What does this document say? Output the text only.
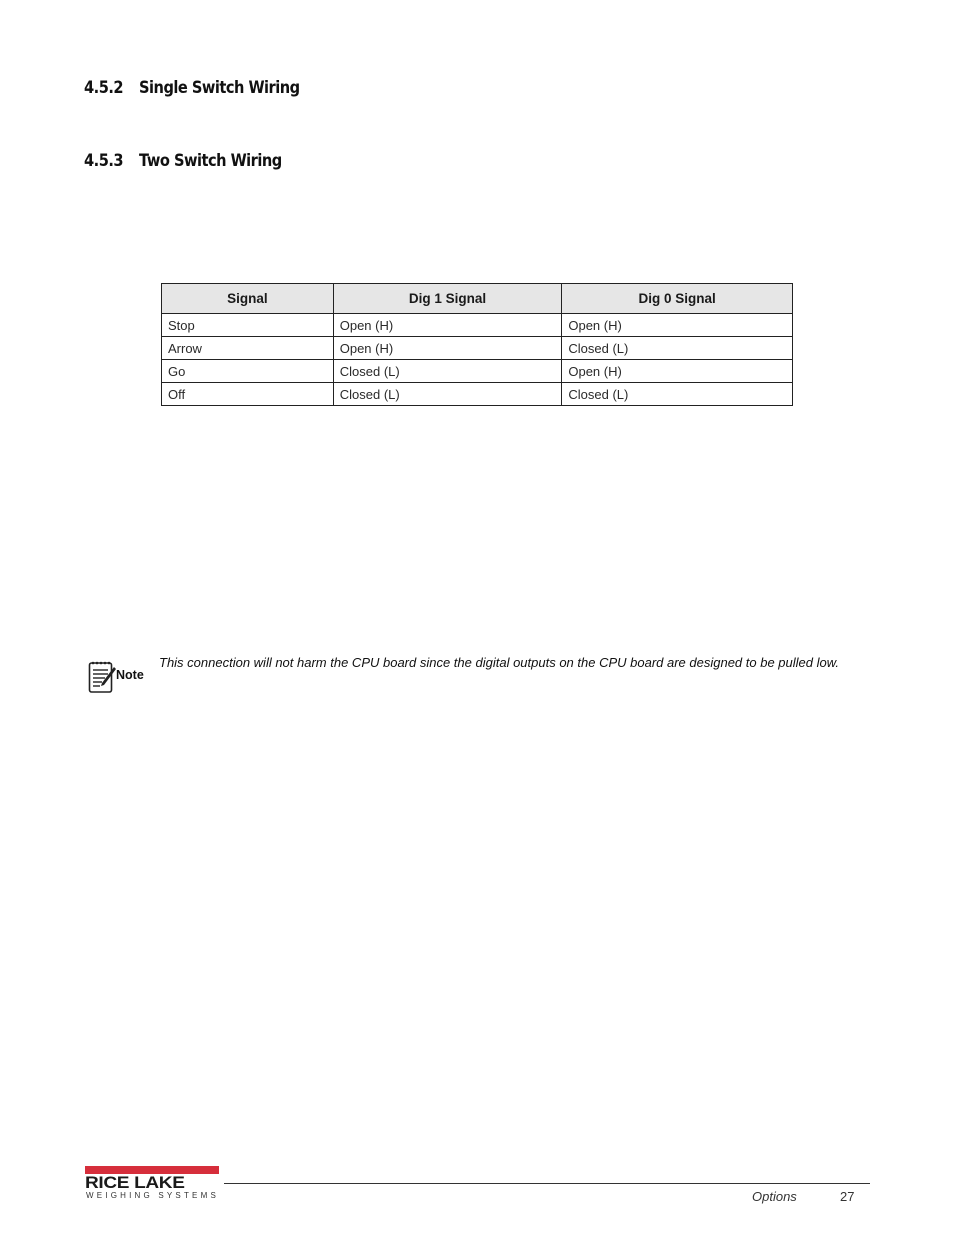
4.5.2 Single Switch Wiring
4.5.3 Two Switch Wiring
Signal	Dig 1 Signal	Dig 0 Signal
Stop	Open (H)	Open (H)
Arrow	Open (H)	Closed (L)
Go	Closed (L)	Open (H)
Off	Closed (L)	Closed (L)
Note

This connection will not harm the CPU board since the digital outputs on the CPU board are designed to be pulled low.

RICE LAKE
WEIGHING SYSTEMS	Options	27
